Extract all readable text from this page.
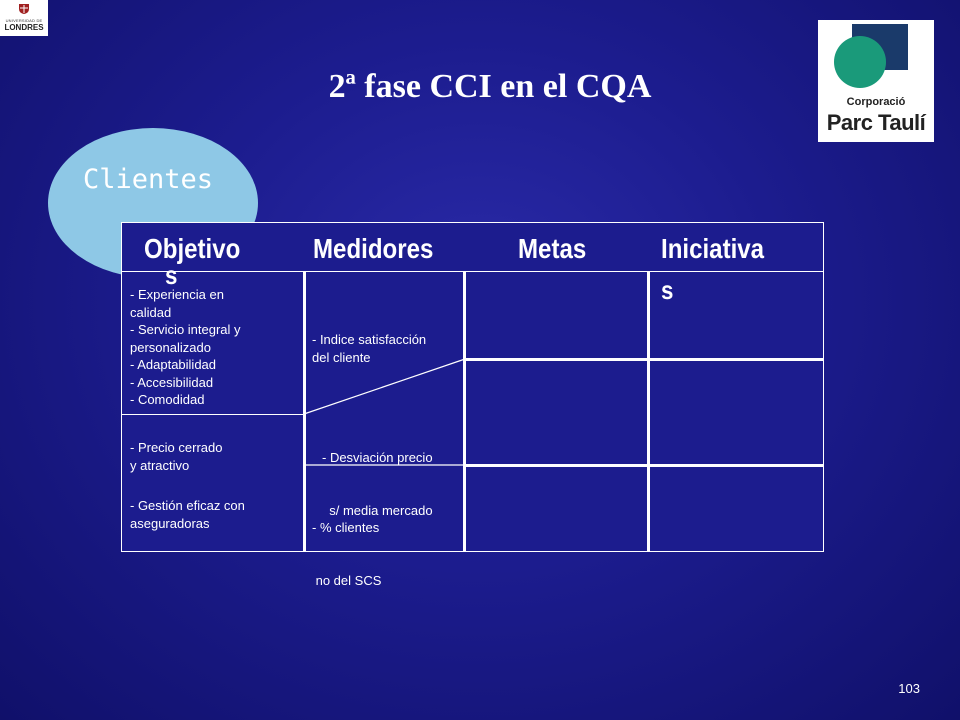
UNIVERSIDAD DE
LONDRES
Corporació
Parc Taulí
2ª fase CCI en el CQA
Clientes
Objetivo
s
Medidores	Metas	Iniciativa
s
- Experiencia en
calidad
- Servicio integral y
personalizado
- Adaptabilidad
- Accesibilidad
- Comodidad
- Precio cerrado
y atractivo
- Gestión eficaz con
aseguradoras
- Indice satisfacción
del cliente

- Desviación precio

s/ media mercado

- % clientes

no del SCS

103
